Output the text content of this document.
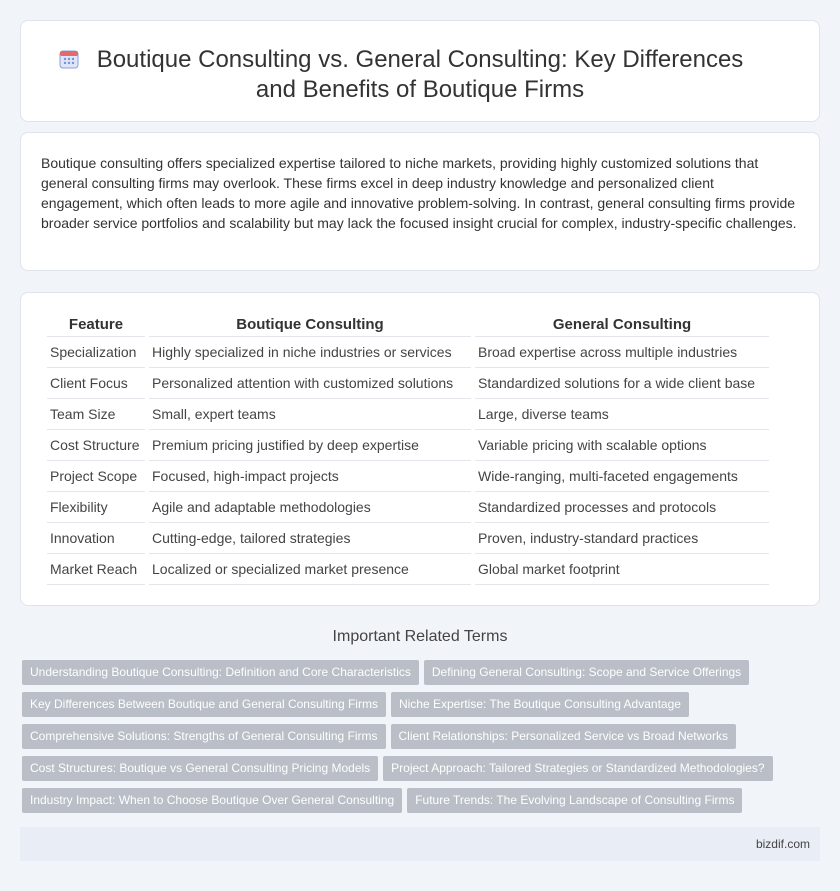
Boutique Consulting vs. General Consulting: Key Differences and Benefits of Boutique Firms

Boutique consulting offers specialized expertise tailored to niche markets, providing highly customized solutions that general consulting firms may overlook. These firms excel in deep industry knowledge and personalized client engagement, which often leads to more agile and innovative problem-solving. In contrast, general consulting firms provide broader service portfolios and scalability but may lack the focused insight crucial for complex, industry-specific challenges.

Feature	Boutique Consulting	General Consulting
Specialization	Highly specialized in niche industries or services	Broad expertise across multiple industries
Client Focus	Personalized attention with customized solutions	Standardized solutions for a wide client base
Team Size	Small, expert teams	Large, diverse teams
Cost Structure	Premium pricing justified by deep expertise	Variable pricing with scalable options
Project Scope	Focused, high-impact projects	Wide-ranging, multi-faceted engagements
Flexibility	Agile and adaptable methodologies	Standardized processes and protocols
Innovation	Cutting-edge, tailored strategies	Proven, industry-standard practices
Market Reach	Localized or specialized market presence	Global market footprint
Important Related Terms
Understanding Boutique Consulting: Definition and Core Characteristics Defining General Consulting: Scope and Service Offerings
Key Differences Between Boutique and General Consulting Firms Niche Expertise: The Boutique Consulting Advantage
Comprehensive Solutions: Strengths of General Consulting Firms Client Relationships: Personalized Service vs Broad Networks
Cost Structures: Boutique vs General Consulting Pricing Models Project Approach: Tailored Strategies or Standardized Methodologies?
Industry Impact: When to Choose Boutique Over General Consulting Future Trends: The Evolving Landscape of Consulting Firms
bizdif.com
